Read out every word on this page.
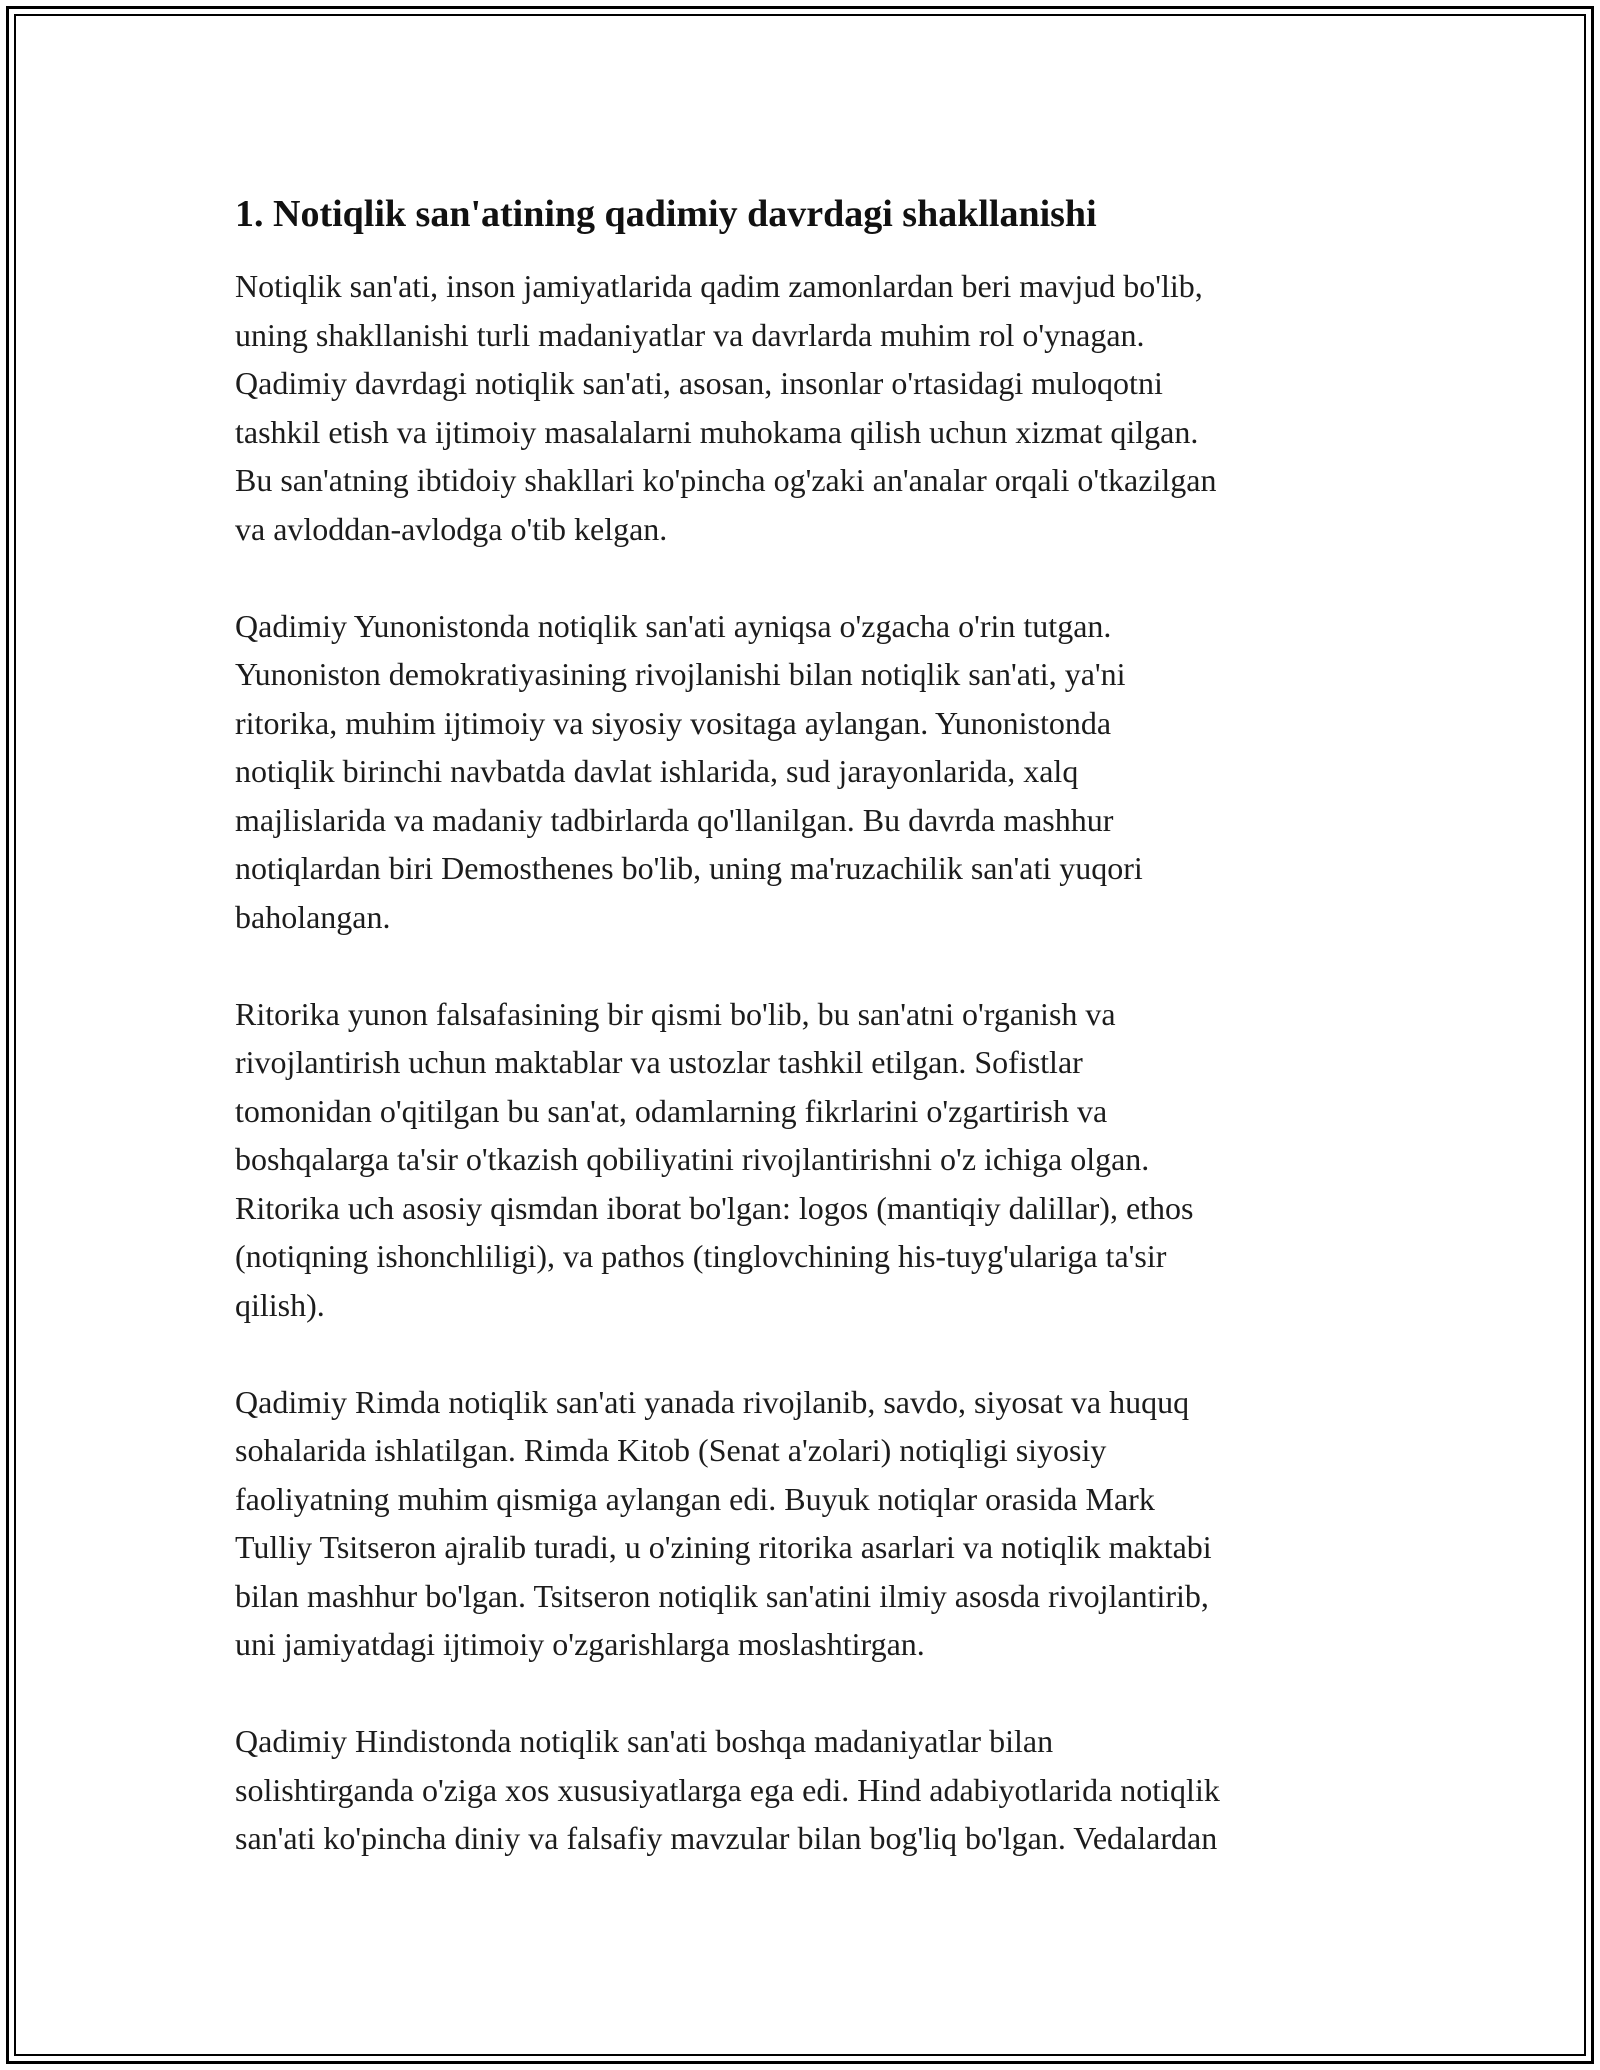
1. Notiqlik san'atining qadimiy davrdagi shakllanishi

Notiqlik san'ati, inson jamiyatlarida qadim zamonlardan beri mavjud bo'lib,
uning shakllanishi turli madaniyatlar va davrlarda muhim rol o'ynagan.
Qadimiy davrdagi notiqlik san'ati, asosan, insonlar o'rtasidagi muloqotni
tashkil etish va ijtimoiy masalalarni muhokama qilish uchun xizmat qilgan.
Bu san'atning ibtidoiy shakllari ko'pincha og'zaki an'analar orqali o'tkazilgan
va avloddan-avlodga o'tib kelgan.

Qadimiy Yunonistonda notiqlik san'ati ayniqsa o'zgacha o'rin tutgan.
Yunoniston demokratiyasining rivojlanishi bilan notiqlik san'ati, ya'ni
ritorika, muhim ijtimoiy va siyosiy vositaga aylangan. Yunonistonda
notiqlik birinchi navbatda davlat ishlarida, sud jarayonlarida, xalq
majlislarida va madaniy tadbirlarda qo'llanilgan. Bu davrda mashhur
notiqlardan biri Demosthenes bo'lib, uning ma'ruzachilik san'ati yuqori
baholangan.

Ritorika yunon falsafasining bir qismi bo'lib, bu san'atni o'rganish va
rivojlantirish uchun maktablar va ustozlar tashkil etilgan. Sofistlar
tomonidan o'qitilgan bu san'at, odamlarning fikrlarini o'zgartirish va
boshqalarga ta'sir o'tkazish qobiliyatini rivojlantirishni o'z ichiga olgan.
Ritorika uch asosiy qismdan iborat bo'lgan: logos (mantiqiy dalillar), ethos
(notiqning ishonchliligi), va pathos (tinglovchining his-tuyg'ulariga ta'sir
qilish).

Qadimiy Rimda notiqlik san'ati yanada rivojlanib, savdo, siyosat va huquq
sohalarida ishlatilgan. Rimda Kitob (Senat a'zolari) notiqligi siyosiy
faoliyatning muhim qismiga aylangan edi. Buyuk notiqlar orasida Mark
Tulliy Tsitseron ajralib turadi, u o'zining ritorika asarlari va notiqlik maktabi
bilan mashhur bo'lgan. Tsitseron notiqlik san'atini ilmiy asosda rivojlantirib,
uni jamiyatdagi ijtimoiy o'zgarishlarga moslashtirgan.

Qadimiy Hindistonda notiqlik san'ati boshqa madaniyatlar bilan
solishtirganda o'ziga xos xususiyatlarga ega edi. Hind adabiyotlarida notiqlik
san'ati ko'pincha diniy va falsafiy mavzular bilan bog'liq bo'lgan. Vedalardan
